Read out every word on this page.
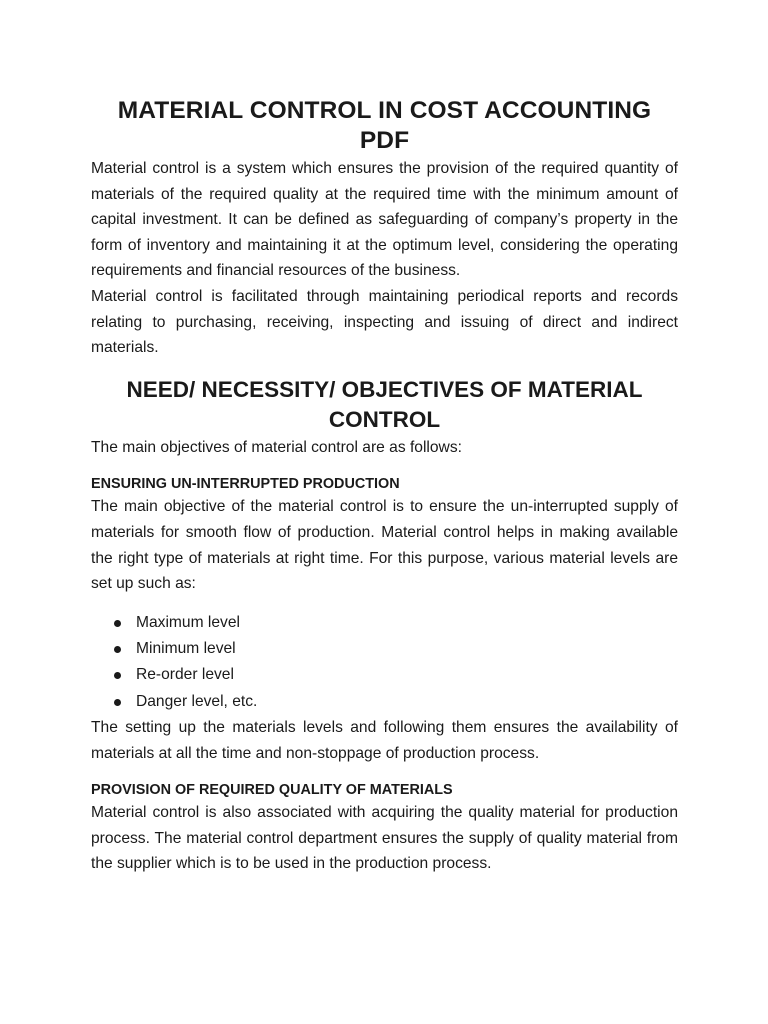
MATERIAL CONTROL IN COST ACCOUNTING PDF

Material control is a system which ensures the provision of the required quantity of materials of the required quality at the required time with the minimum amount of capital investment. It can be defined as safeguarding of company’s property in the form of inventory and maintaining it at the optimum level, considering the operating requirements and financial resources of the business.

Material control is facilitated through maintaining periodical reports and records relating to purchasing, receiving, inspecting and issuing of direct and indirect materials.

NEED/ NECESSITY/ OBJECTIVES OF MATERIAL CONTROL

The main objectives of material control are as follows:

ENSURING UN-INTERRUPTED PRODUCTION

The main objective of the material control is to ensure the un-interrupted supply of materials for smooth flow of production. Material control helps in making available the right type of materials at right time. For this purpose, various material levels are set up such as:

Maximum level
Minimum level
Re-order level
Danger level, etc.

The setting up the materials levels and following them ensures the availability of materials at all the time and non-stoppage of production process.

PROVISION OF REQUIRED QUALITY OF MATERIALS

Material control is also associated with acquiring the quality material for production process. The material control department ensures the supply of quality material from the supplier which is to be used in the production process.
